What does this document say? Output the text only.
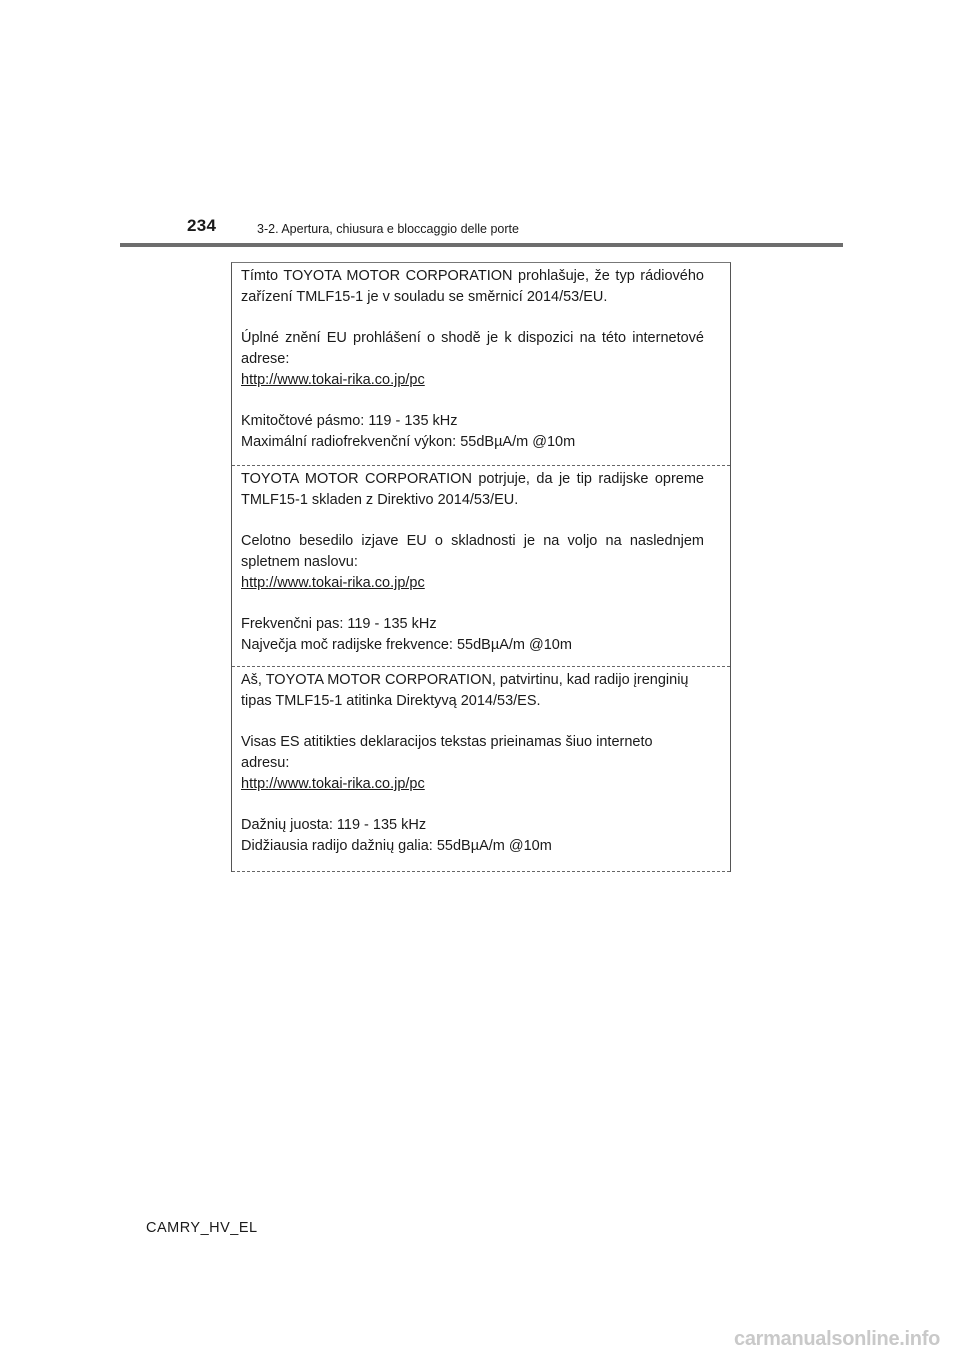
234	3-2. Apertura, chiusura e bloccaggio delle porte

Tímto TOYOTA MOTOR CORPORATION prohlašuje, že typ rádiového zařízení TMLF15-1 je v souladu se směrnicí 2014/53/EU.

Úplné znění EU prohlášení o shodě je k dispozici na této internetové adrese:

http://www.tokai-rika.co.jp/pc

Kmitočtové pásmo: 119 - 135 kHz

Maximální radiofrekvenční výkon: 55dBµA/m @10m

TOYOTA MOTOR CORPORATION potrjuje, da je tip radijske opreme TMLF15-1 skladen z Direktivo 2014/53/EU.

Celotno besedilo izjave EU o skladnosti je na voljo na naslednjem spletnem naslovu:

http://www.tokai-rika.co.jp/pc

Frekvenčni pas: 119 - 135 kHz

Največja moč radijske frekvence: 55dBµA/m @10m

Aš, TOYOTA MOTOR CORPORATION, patvirtinu, kad radijo įrenginių tipas TMLF15-1 atitinka Direktyvą 2014/53/ES.

Visas ES atitikties deklaracijos tekstas prieinamas šiuo interneto adresu:

http://www.tokai-rika.co.jp/pc

Dažnių juosta: 119 - 135 kHz

Didžiausia radijo dažnių galia: 55dBµA/m @10m

CAMRY_HV_EL
carmanualsonline.info
